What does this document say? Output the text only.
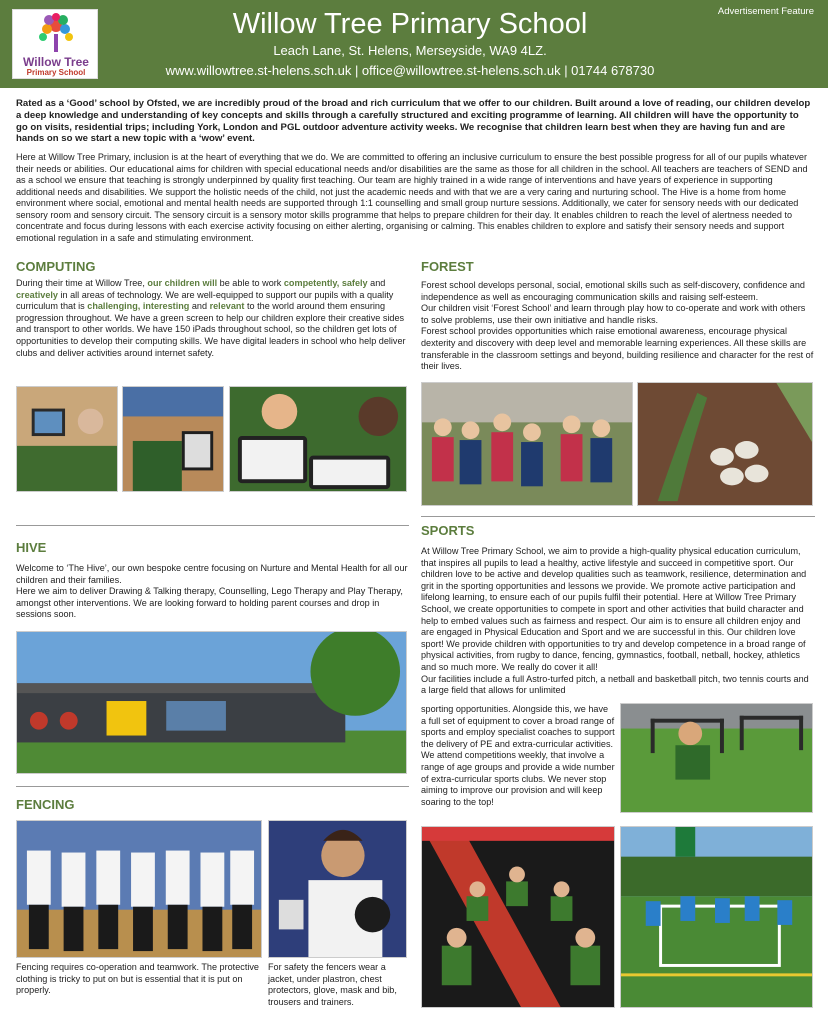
Willow Tree
Primary School
Willow Tree Primary School
Leach Lane, St. Helens, Merseyside, WA9 4LZ.
www.willowtree.st-helens.sch.uk | office@willowtree.st-helens.sch.uk | 01744 678730
Advertisement Feature
Rated as a ‘Good’ school by Ofsted, we are incredibly proud of the broad and rich curriculum that we offer to our children. Built around a love of reading, our children develop a deep knowledge and understanding of key concepts and skills through a carefully structured and exciting programme of learning. All children will have the opportunity to go on visits, residential trips; including York, London and PGL outdoor adventure activity weeks. We recognise that children learn best when they are having fun and are hands on so we start a new topic with a ‘wow’ event.
Here at Willow Tree Primary, inclusion is at the heart of everything that we do. We are committed to offering an inclusive curriculum to ensure the best possible progress for all of our pupils whatever their needs or abilities. Our educational aims for children with special educational needs and/or disabilities are the same as those for all children in the school. All teachers are teachers of SEND and as a school we ensure that teaching is strongly underpinned by quality first teaching. Our team are highly trained in a wide range of interventions and have years of experience in supporting additional needs and disabilities. We support the holistic needs of the child, not just the academic needs and with that we are a very caring and nurturing school. The Hive is a home from home environment where social, emotional and mental health needs are supported through 1:1 counselling and small group nurture sessions. Additionally, we cater for sensory needs with our dedicated sensory room and sensory circuit. The sensory circuit is a sensory motor skills programme that helps to prepare children for their day. It enables children to reach the level of alertness needed to concentrate and focus during lessons with each exercise activity focusing on either alerting, organising or calming. This enables children to explore and satisfy their sensory needs and support emotional regulation in a safe and stimulating environment.
COMPUTING
During their time at Willow Tree, our children will be able to work competently, safely and creatively in all areas of technology. We are well-equipped to support our pupils with a quality curriculum that is challenging, interesting and relevant to the world around them ensuring progression throughout. We have a green screen to help our children explore their creative sides and transport to other worlds. We have 150 iPads throughout school, so the children get lots of opportunities to develop their computing skills. We have digital leaders in school who help deliver clubs and deliver activities around internet safety.
HIVE
Welcome to ‘The Hive’, our own bespoke centre focusing on Nurture and Mental Health for all our children and their families.
Here we aim to deliver Drawing & Talking therapy, Counselling, Lego Therapy and Play Therapy, amongst other interventions. We are looking forward to holding parent courses and drop in sessions soon.
FENCING
Fencing requires co-operation and teamwork. The protective clothing is tricky to put on but is essential that it is put on properly.
For safety the fencers wear a jacket, under plastron, chest protectors, glove, mask and bib, trousers and trainers.
FOREST
Forest school develops personal, social, emotional skills such as self-discovery, confidence and independence as well as encouraging communication skills and raising self-esteem.
Our children visit ‘Forest School’ and learn through play how to co-operate and work with others to solve problems, use their own initiative and handle risks.
Forest school provides opportunities which raise emotional awareness, encourage physical dexterity and discovery with deep level and memorable learning experiences. All these skills are transferable in the classroom settings and beyond, building resilience and character for the rest of their lives.
SPORTS
At Willow Tree Primary School, we aim to provide a high-quality physical education curriculum, that inspires all pupils to lead a healthy, active lifestyle and succeed in competitive sport. Our children love to be active and develop qualities such as teamwork, resilience, determination and grit in the sporting opportunities and lessons we provide. We promote active participation and lifelong learning, to ensure each of our pupils fulfil their potential. Here at Willow Tree Primary School, we create opportunities to compete in sport and other activities that build character and help to embed values such as fairness and respect. Our aim is to ensure all children enjoy and are engaged in Physical Education and Sport and we are successful in this. Our children love sport! We provide children with opportunities to try and develop competence in a broad range of physical activities, from rugby to dance, fencing, gymnastics, football, netball, hockey, athletics and so much more. We really do cover it all!
Our facilities include a full Astro-turfed pitch, a netball and basketball pitch, two tennis courts and a large field that allows for unlimited
sporting opportunities. Alongside this, we have a full set of equipment to cover a broad range of sports and employ specialist coaches to support the delivery of PE and extra-curricular activities. We attend competitions weekly, that involve a range of age groups and provide a wide number of extra-curricular sports clubs. We never stop aiming to improve our provision and will keep soaring to the top!
